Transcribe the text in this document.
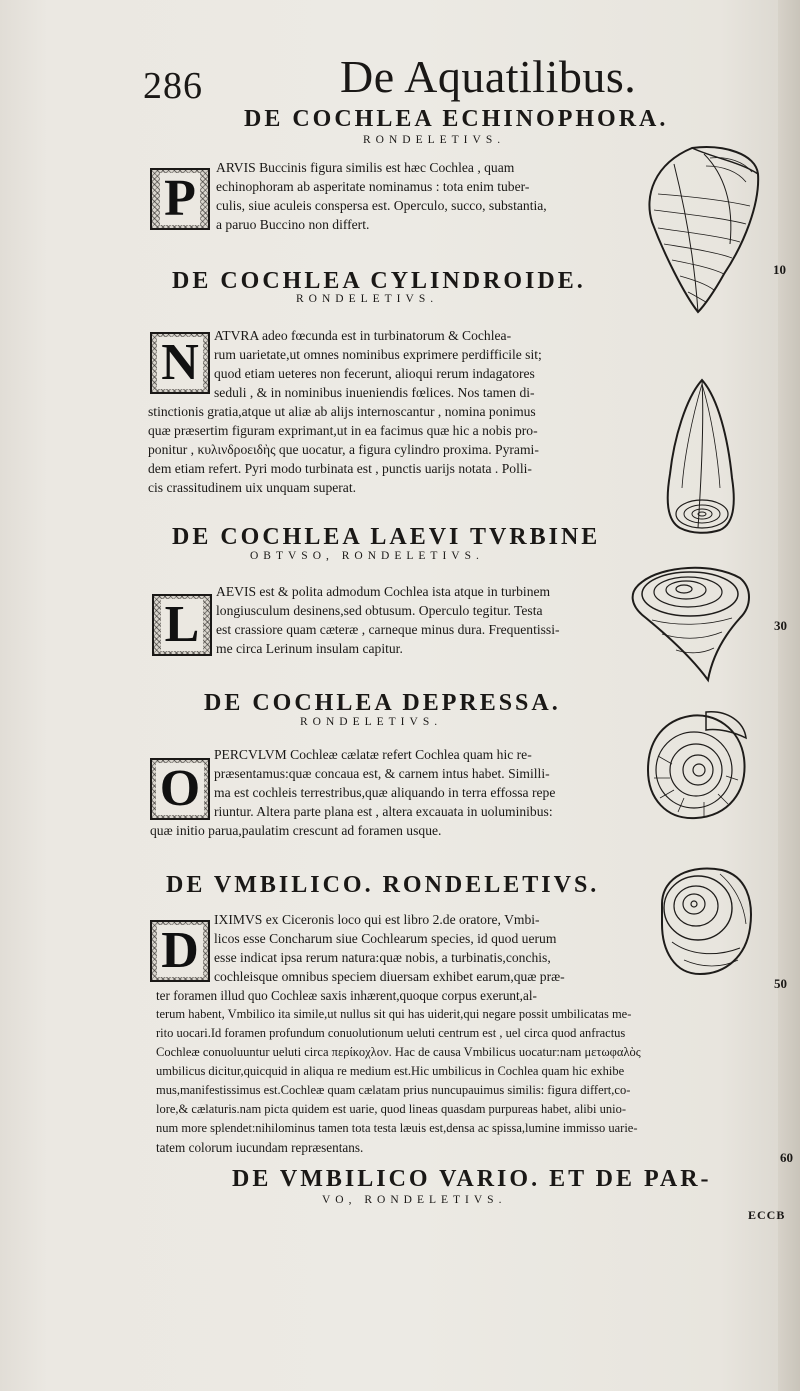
286	De Aquatilibus.
DE COCHLEA ECHINOPHORA.
RONDELETIVS.
P
ARVIS Buccinis figura similis est hæc Cochlea , quam
echinophoram ab asperitate nominamus : tota enim tuber-
culis, siue aculeis conspersa est. Operculo, succo, substantia,
a paruo Buccino non differt.
DE COCHLEA CYLINDROIDE.
RONDELETIVS.
N ATVRA adeo fœcunda est in turbinatorum & Cochlea-
rum uarietate,ut omnes nominibus exprimere perdifficile sit;
quod etiam ueteres non fecerunt, alioqui rerum indagatores
seduli , & in nominibus inueniendis fœlices. Nos tamen di-
stinctionis gratia,atque ut aliæ ab alijs internoscantur , nomina ponimus
quæ præsertim figuram exprimant,ut in ea facimus quæ hic a nobis pro-
ponitur , κυλινδροειδὴς que uocatur, a figura cylindro proxima. Pyrami-
dem etiam refert. Pyri modo turbinata est , punctis uarijs notata . Polli-
cis crassitudinem uix unquam superat.
DE COCHLEA LAEVI TVRBINE
OBTVSO, RONDELETIVS.
L
AEVIS est & polita admodum Cochlea ista atque in turbinem
longiusculum desinens,sed obtusum. Operculo tegitur. Testa
est crassiore quam cæteræ , carneque minus dura. Frequentissi-
me circa Lerinum insulam capitur.
DE COCHLEA DEPRESSA.
RONDELETIVS.
O
PERCVLVM Cochleæ cælatæ refert Cochlea quam hic re-
præsentamus:quæ concaua est, & carnem intus habet. Similli-
ma est cochleis terrestribus,quæ aliquando in terra effossa repe
riuntur. Altera parte plana est , altera excauata in uoluminibus:
quæ initio parua,paulatim crescunt ad foramen usque.
DE VMBILICO. RONDELETIVS.
D
IXIMVS ex Ciceronis loco qui est libro 2.de oratore, Vmbi-
licos esse Concharum siue Cochlearum species, id quod uerum
esse indicat ipsa rerum natura:quæ nobis, a turbinatis,conchis,
cochleisque omnibus speciem diuersam exhibet earum,quæ præ-
ter foramen illud quo Cochleæ saxis inhærent,quoque corpus exerunt,al-
terum habent, Vmbilico ita simile,ut nullus sit qui has uiderit,qui negare possit umbilicatas me-
rito uocari.Id foramen profundum conuolutionum ueluti centrum est , uel circa quod anfractus
Cochleæ conuoluuntur ueluti circa περίκοχλον. Hac de causa Vmbilicus uocatur:nam μετωφαλὸς
umbilicus dicitur,quicquid in aliqua re medium est.Hic umbilicus in Cochlea quam hic exhibe
mus,manifestissimus est.Cochleæ quam cælatam prius nuncupauimus similis: figura differt,co-
lore,& cælaturis.nam picta quidem est uarie, quod lineas quasdam purpureas habet, alibi unio-
num more splendet:nihilominus tamen tota testa læuis est,densa ac spissa,lumine immisso uarie-
tatem colorum iucundam repræsentans.
DE VMBILICO VARIO. ET DE PAR-
VO, RONDELETIVS.
10
30
50
60
ECCB
